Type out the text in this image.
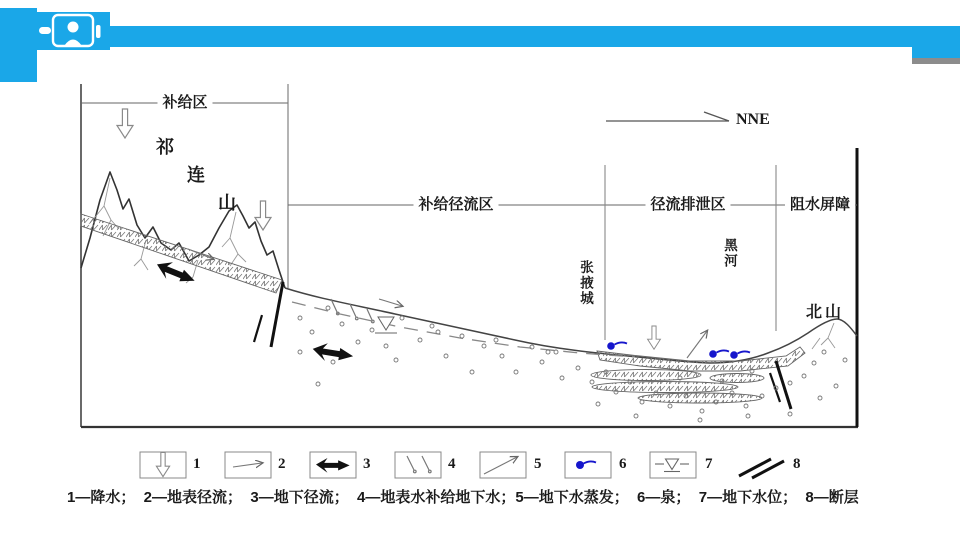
补给区
补给径流区	径流排泄区	阻水屏障
NNE
祁
连
山
北山
张掖城
黑河
1	2	3	4	5	6	7	8
1—降水；  2—地表径流；  3—地下径流；  4—地表水补给地下水；5—地下水蒸发；  6—泉；  7—地下水位；  8—断层
